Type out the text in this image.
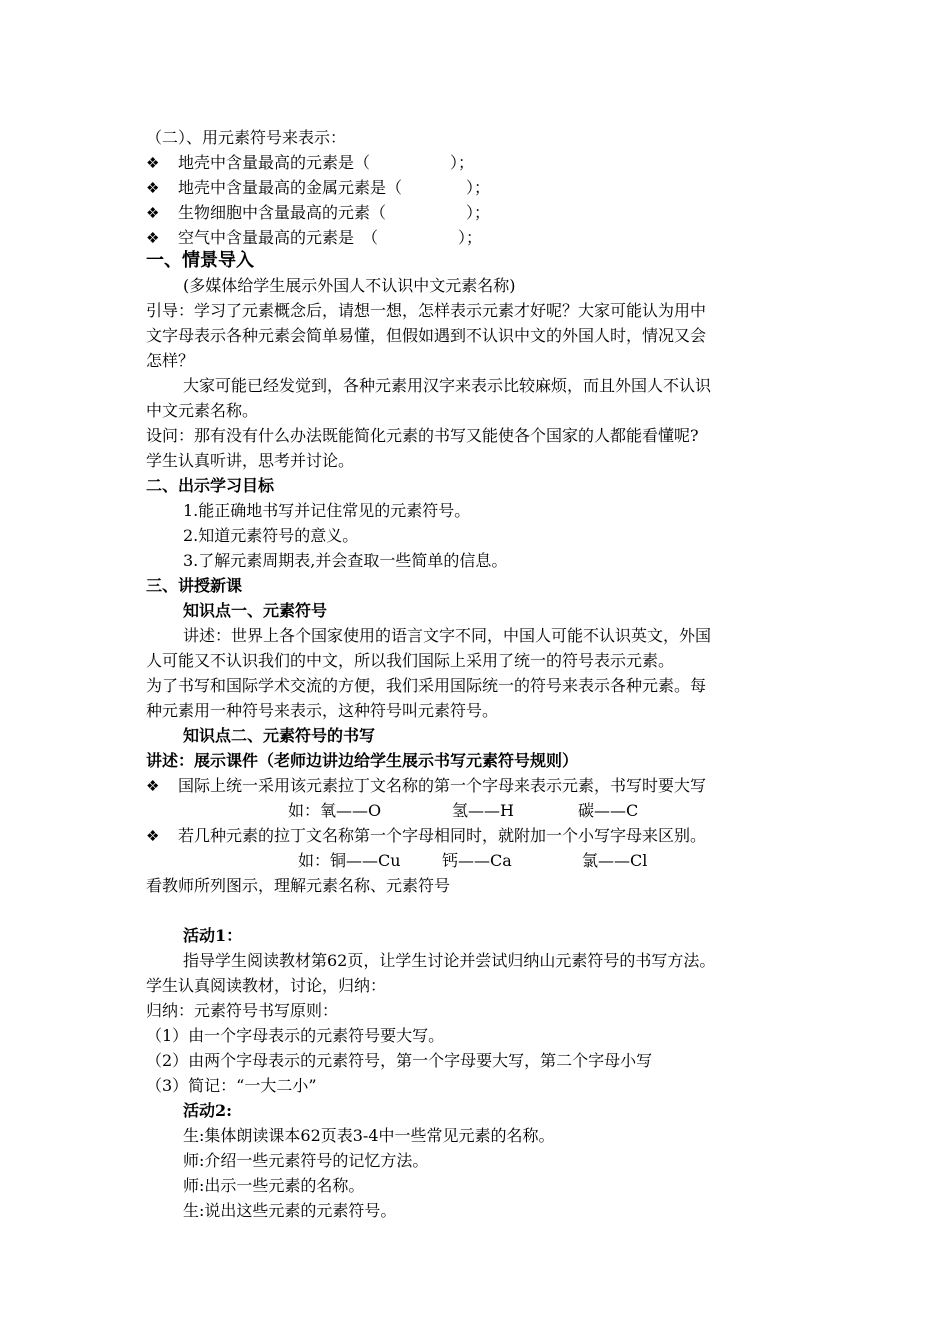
（二）、用元素符号来表示：
❖ 地壳中含量最高的元素是（　　　　　）；
❖ 地壳中含量最高的金属元素是（　　　　）；
❖ 生物细胞中含量最高的元素（　　　　　）；
❖ 空气中含量最高的元素是　（　　　　　）；
一、情景导入
(多媒体给学生展示外国人不认识中文元素名称)
引导：学习了元素概念后，请想一想，怎样表示元素才好呢？大家可能认为用中
文字母表示各种元素会简单易懂，但假如遇到不认识中文的外国人时，情况又会
怎样？
大家可能已经发觉到，各种元素用汉字来表示比较麻烦，而且外国人不认识
中文元素名称。
设问：那有没有什么办法既能简化元素的书写又能使各个国家的人都能看懂呢?
学生认真听讲，思考并讨论。
二、出示学习目标
1.能正确地书写并记住常见的元素符号。
2.知道元素符号的意义。
3.了解元素周期表,并会查取一些简单的信息。
三、讲授新课
知识点一、元素符号
讲述：世界上各个国家使用的语言文字不同，中国人可能不认识英文，外国
人可能又不认识我们的中文，所以我们国际上采用了统一的符号表示元素。
为了书写和国际学术交流的方便，我们采用国际统一的符号来表示各种元素。每
种元素用一种符号来表示，这种符号叫元素符号。
知识点二、元素符号的书写
讲述：展示课件（老师边讲边给学生展示书写元素符号规则）
❖ 国际上统一采用该元素拉丁文名称的第一个字母来表示元素，书写时要大写
如：氧——O	氢——H	碳——C
❖ 若几种元素的拉丁文名称第一个字母相同时，就附加一个小写字母来区别。
如：铜——Cu	钙——Ca	氯——Cl
看教师所列图示，理解元素名称、元素符号
活动1：
指导学生阅读教材第62页，让学生讨论并尝试归纳山元素符号的书写方法。
学生认真阅读教材，讨论，归纳：
归纳：元素符号书写原则：
（1）由一个字母表示的元素符号要大写。
（2）由两个字母表示的元素符号，第一个字母要大写，第二个字母小写
（3）简记：“一大二小”
活动2:
生:集体朗读课本62页表3-4中一些常见元素的名称。
师:介绍一些元素符号的记忆方法。
师:出示一些元素的名称。
生:说出这些元素的元素符号。
